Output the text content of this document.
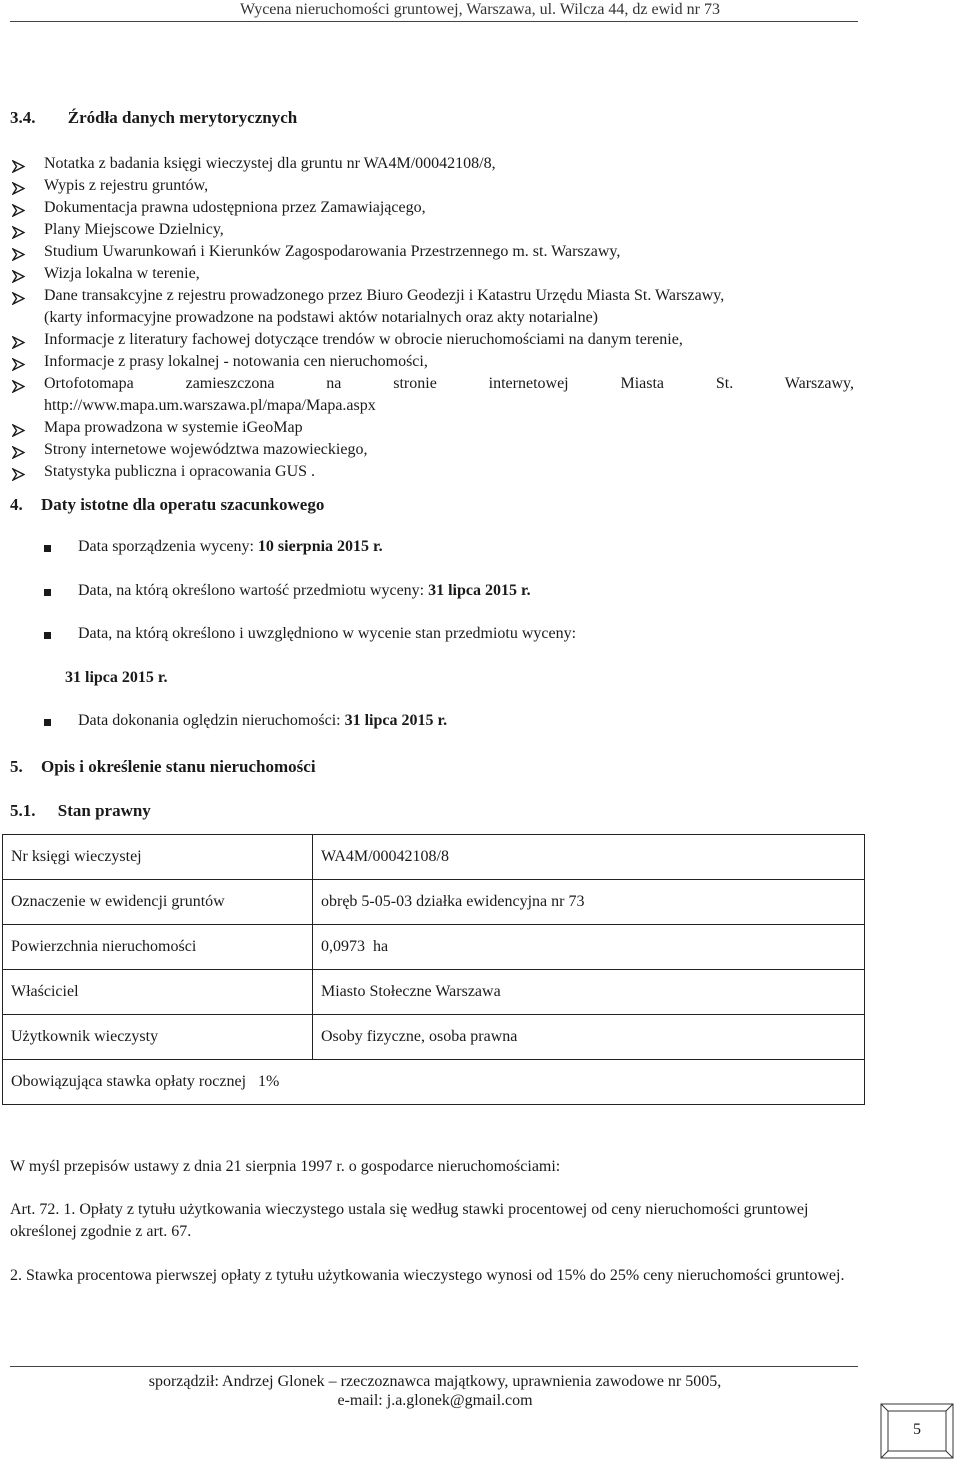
Wycena nieruchomości gruntowej, Warszawa, ul. Wilcza 44, dz ewid nr 73
3.4. Źródła danych merytorycznych
Notatka z badania księgi wieczystej dla gruntu nr WA4M/00042108/8,
Wypis z rejestru gruntów,
Dokumentacja prawna udostępniona przez Zamawiającego,
Plany Miejscowe Dzielnicy,
Studium Uwarunkowań i Kierunków Zagospodarowania Przestrzennego m. st. Warszawy,
Wizja lokalna w terenie,
Dane transakcyjne z rejestru prowadzonego przez Biuro Geodezji i Katastru Urzędu Miasta St. Warszawy,
(karty informacyjne prowadzone na podstawi aktów notarialnych oraz akty notarialne)
Informacje z literatury fachowej dotyczące trendów w obrocie nieruchomościami na danym terenie,
Informacje z prasy lokalnej - notowania cen nieruchomości,
Ortofotomapa zamieszczona na stronie internetowej Miasta St. Warszawy,
http://www.mapa.um.warszawa.pl/mapa/Mapa.aspx
Mapa prowadzona w systemie iGeoMap
Strony internetowe województwa mazowieckiego,
Statystyka publiczna i opracowania GUS .
4. Daty istotne dla operatu szacunkowego
Data sporządzenia wyceny: 10 sierpnia 2015 r.
Data, na którą określono wartość przedmiotu wyceny: 31 lipca 2015 r.
Data, na którą określono i uwzględniono w wycenie stan przedmiotu wyceny:
31 lipca 2015 r.
Data dokonania oględzin nieruchomości: 31 lipca 2015 r.
5. Opis i określenie stanu nieruchomości
5.1. Stan prawny
Nr księgi wieczystej	WA4M/00042108/8
Oznaczenie w ewidencji gruntów	obręb 5-05-03 działka ewidencyjna nr 73
Powierzchnia nieruchomości	0,0973  ha
Właściciel	Miasto Stołeczne Warszawa
Użytkownik wieczysty	Osoby fizyczne, osoba prawna
Obowiązująca stawka opłaty rocznej 1%	
W myśl przepisów ustawy z dnia 21 sierpnia 1997 r. o gospodarce nieruchomościami:
Art. 72. 1. Opłaty z tytułu użytkowania wieczystego ustala się według stawki procentowej od ceny nieruchomości gruntowej określonej zgodnie z art. 67.
2. Stawka procentowa pierwszej opłaty z tytułu użytkowania wieczystego wynosi od 15% do 25% ceny nieruchomości gruntowej.
sporządził: Andrzej Glonek – rzeczoznawca majątkowy, uprawnienia zawodowe nr 5005,
e-mail: j.a.glonek@gmail.com
5
